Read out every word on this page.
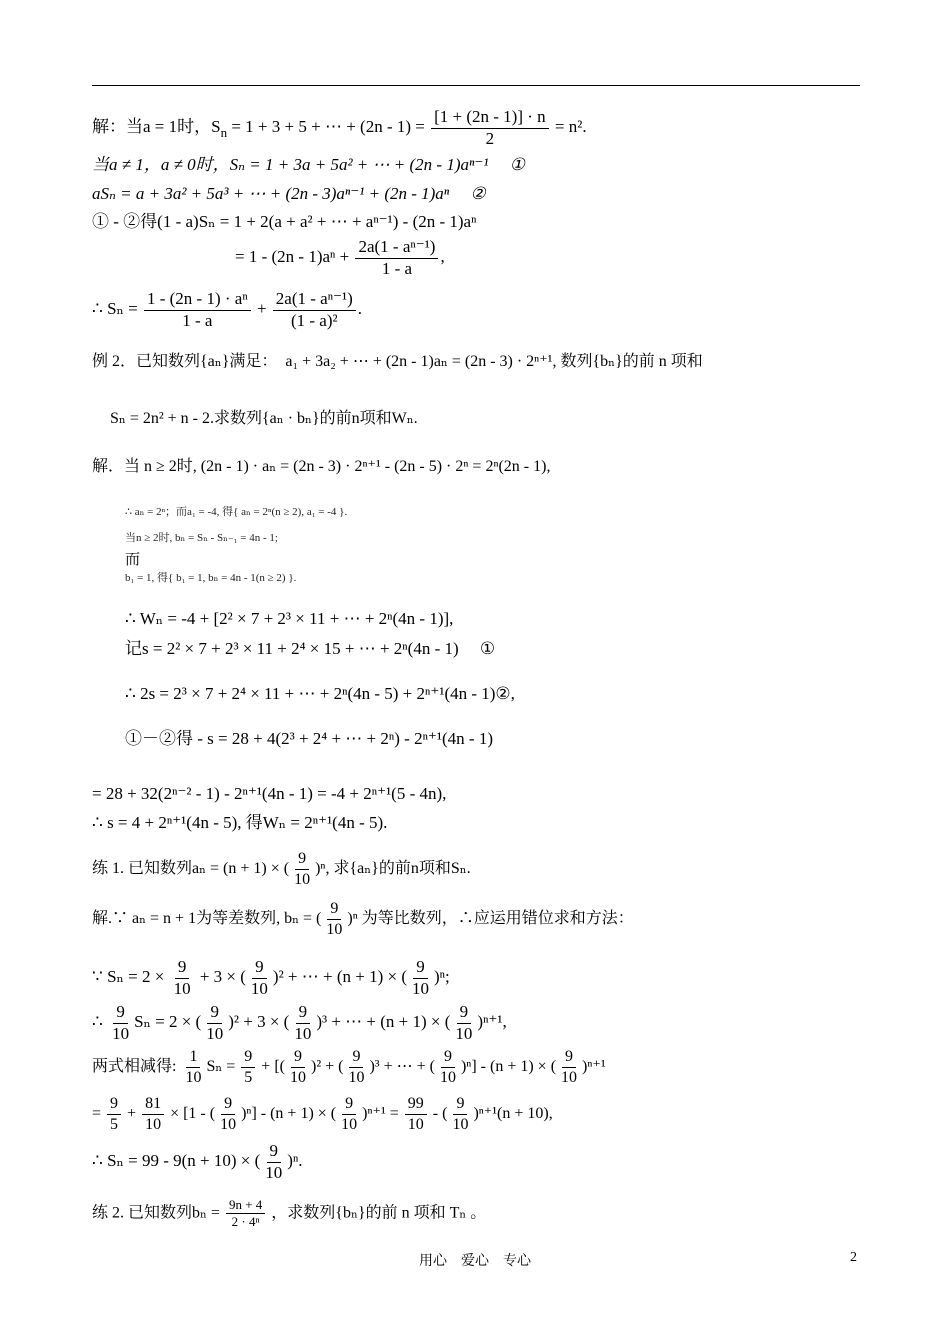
解：当a = 1时，$S_n = 1 + 3 + 5$ + ⋯ + $(2n - 1) = \frac{[1 + (2n - 1)] \cdot n}{2} = n^2$.
当a ≠ 1，a ≠ 0时，Sₙ = 1 + 3a + 5a² + ⋯ + (2n - 1)aⁿ⁻¹　 ①
aSₙ = a + 3a² + 5a³ + ⋯ + (2n - 3)aⁿ⁻¹ + (2n - 1)aⁿ　 ②
① - ②得(1 - a)Sₙ = 1 + 2(a + a² + ⋯ + aⁿ⁻¹) - (2n - 1)aⁿ
= $1 - (2n - 1)a^n + \frac{\text{2a(1 - aⁿ⁻¹)}}{1 - a}$ ,
∴ $S_n = \frac{\text{1 - (2n - 1) · aⁿ}}{1 - a} + \frac{\text{2a(1 - aⁿ⁻¹)}}{\text{(1 - a)²}}$ .
例 2．已知数列{aₙ}满足：　 a₁ + 3a₂ + ⋯ + (2n - 1)aₙ = (2n - 3) · 2ⁿ⁺¹, 数列{bₙ}的前 n 项和
Sₙ = 2n² + n - 2.求数列{aₙ · bₙ}的前n项和Wₙ.
解．当 n ≥ 2时, (2n - 1) · aₙ = (2n - 3) · 2ⁿ⁺¹ - (2n - 5) · 2ⁿ = 2ⁿ(2n - 1),
∴ aₙ = 2ⁿ；而a₁ = -4, 得{ aₙ = 2ⁿ(n ≥ 2), a₁ = -4 }.
当n ≥ 2时, bₙ = Sₙ - Sₙ₋₁ = 4n - 1;
而
b₁ = 1, 得{ b₁ = 1, bₙ = 4n - 1(n ≥ 2) }.
∴ Wₙ = -4 + [2² × 7 + 2³ × 11 + ⋯ + 2ⁿ(4n - 1)],
记s = 2² × 7 + 2³ × 11 + 2⁴ × 15 + ⋯ + 2ⁿ(4n - 1)　 ①
∴ 2s = 2³ × 7 + 2⁴ × 11 + ⋯ + 2ⁿ(4n - 5) + 2ⁿ⁺¹(4n - 1)②,
①－②得 - s = 28 + 4(2³ + 2⁴ + ⋯ + 2ⁿ) - 2ⁿ⁺¹(4n - 1)
= 28 + 32(2ⁿ⁻² - 1) - 2ⁿ⁺¹(4n - 1) = -4 + 2ⁿ⁺¹(5 - 4n),
∴ s = 4 + 2ⁿ⁺¹(4n - 5), 得Wₙ = 2ⁿ⁺¹(4n - 5).
练 1. 已知数列aₙ = (n + 1) × ( $\frac{9}{10} )^n$, 求{aₙ}的前n项和Sₙ.
解.∵ aₙ = n + 1为等差数列, bₙ = ( $\frac{9}{10} )^n$ 为等比数列，∴应运用错位求和方法：
∵ $S_n = 2 \times \frac{9}{10} + 3$ × ( $\frac{9}{10} )^2$ + ⋯ + (n + 1) × ( $\frac{9}{10} )^n$;
∴ $\frac{9}{10}$ Sₙ = 2 × ( $\frac{9}{10} )^2 + 3$ × ( $\frac{9}{10} )^3$ + ⋯ + (n + 1) × ( $\frac{9}{10} )^{n+1}$,
两式相减得: $\frac{1}{10}$ $S_n = \frac{9}{5}$ + [( $\frac{9}{10} )^2$ + ( $\frac{9}{10} )^3$ + ⋯ + ( $\frac{9}{10} )^n] - (n + 1)$ × ( $\frac{9}{10} )^{n+1}$
= $\frac{9}{5} + \frac{81}{10} \times [1$ - ( $\frac{9}{10} )^n] - (n + 1)$ × ( $\frac{9}{10} )^{n+1} = \frac{99}{10}$ - ( $\frac{9}{10} )^{n+1}(n + 10)$,
∴ Sₙ = 99 - 9(n + 10) × ( $\frac{9}{10} )^n$.
练 2. 已知数列$b_n = \frac{9n + 4}{\text{2 · 4ⁿ}}$ ，求数列{bₙ}的前 n 项和 Tₙ 。
用心　爱心　专心	2
